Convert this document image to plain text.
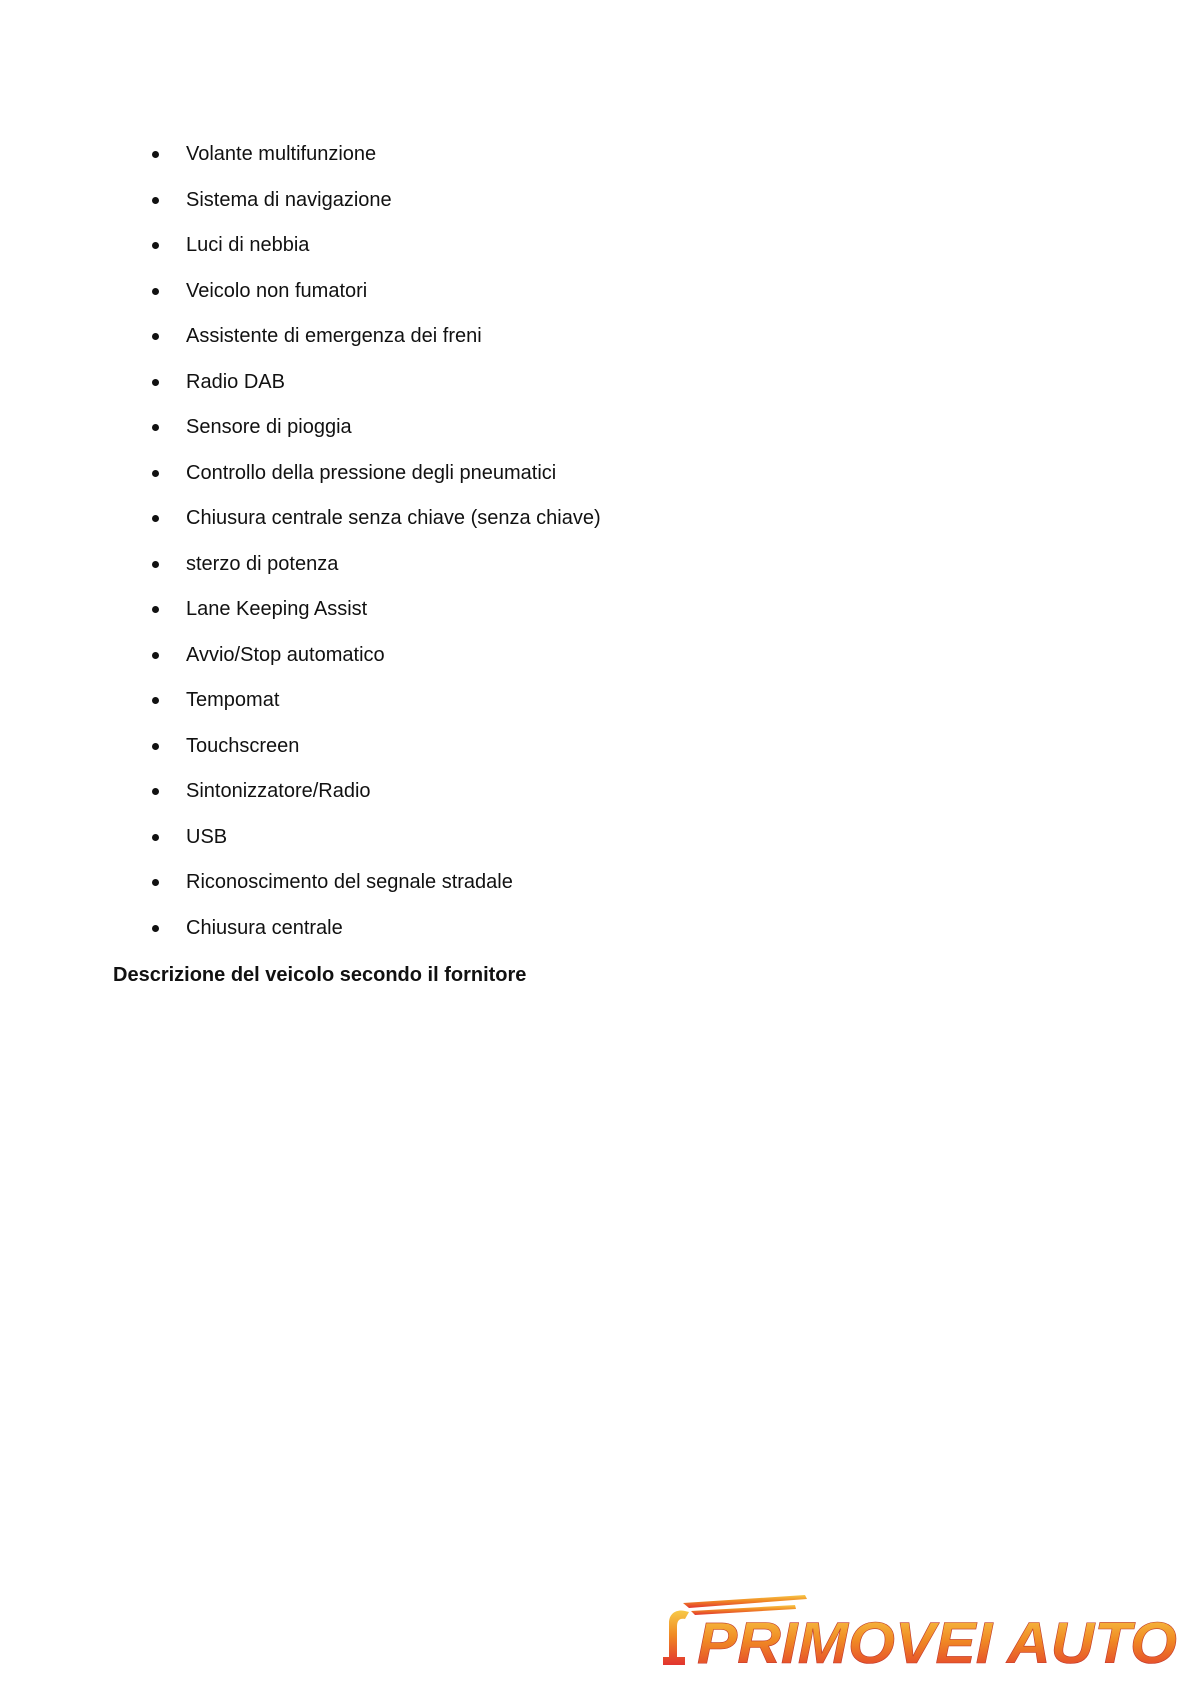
Volante multifunzione
Sistema di navigazione
Luci di nebbia
Veicolo non fumatori
Assistente di emergenza dei freni
Radio DAB
Sensore di pioggia
Controllo della pressione degli pneumatici
Chiusura centrale senza chiave (senza chiave)
sterzo di potenza
Lane Keeping Assist
Avvio/Stop automatico
Tempomat
Touchscreen
Sintonizzatore/Radio
USB
Riconoscimento del segnale stradale
Chiusura centrale
Descrizione del veicolo secondo il fornitore
PRIMOVEI AUTO
